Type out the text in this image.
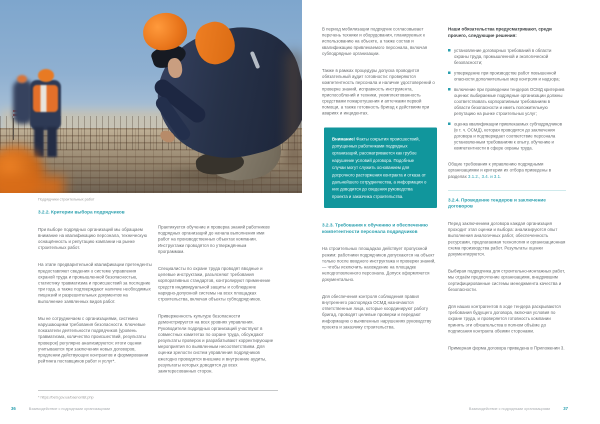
Подрядчики строительных работ
3.2.2. Критерии выбора подрядчиков

При выборе подрядных организаций мы обращаем внимание на квалификацию персонала, техническую оснащённость и репутацию компании на рынке строительных работ.

На этапе предварительной квалификации претенденты предоставляют сведения о системе управления охраной труда и промышленной безопасностью, статистику травматизма и происшествий за последние три года, а также подтверждают наличие необходимых лицензий и разрешительных документов на выполнение заявленных видов работ.

Мы не сотрудничаем с организациями, системно нарушающими требования безопасности. Ключевые показатели деятельности подрядчиков (уровень травматизма, количество происшествий, результаты проверок) регулярно анализируются: итоги оценки учитываются при заключении новых договоров, продлении действующих контрактов и формировании рейтинга поставщиков работ и услуг*.

Практикуется обучение и проверка знаний работников подрядных организаций до начала выполнения ими работ на производственных объектах компании. Инструктажи проводятся по утверждённым программам.

Специалисты по охране труда проводят вводные и целевые инструктажи, разъясняют требования корпоративных стандартов, контролируют применение средств индивидуальной защиты и соблюдение нарядно-допускной системы на всех площадках строительства, включая объекты субподрядчиков.

Приверженность культуре безопасности демонстрируется на всех уровнях управления. Руководители подрядных организаций участвуют в совместных комитетах по охране труда, обсуждают результаты проверок и разрабатывают корректирующие мероприятия по выявленным несоответствиям. Для оценки зрелости систем управления подрядчиков ежегодно проводятся внешние и внутренние аудиты, результаты которых доводятся до всех заинтересованных сторон.

* https://beti.gov.ua/baenorlist.php
36 Взаимодействие с подрядными организациями

В период мобилизации подрядчик согласовывает перечень техники и оборудования, планируемых к использованию на объекте, а также состав и квалификацию привлекаемого персонала, включая субподрядные организации.

Также в рамках процедуры допуска проводится обязательный аудит готовности: проверяются компетентность персонала и наличие удостоверений о проверке знаний, исправность инструмента, приспособлений и техники, укомплектованность средствами пожаротушения и аптечками первой помощи, а также готовность бригад к действиям при авариях и инцидентах.

Внимание! Факты сокрытия происшествий, допущенных работниками подрядных организаций, рассматриваются как грубое нарушение условий договора. Подобные случаи могут служить основанием для досрочного расторжения контракта и отказа от дальнейшего сотрудничества, а информация о них доводится до сведения руководства проекта и заказчика строительства.
3.2.3. Требования к обучению и обеспечению компетентности персонала подрядчиков

На строительных площадках действует пропускной режим: работники подрядчиков допускаются на объект только после вводного инструктажа и проверки знаний, — чтобы исключить нахождение на площадке неподготовленного персонала. Допуск оформляется документально.

Для обеспечения контроля соблюдения правил внутреннего распорядка ОСМД назначаются ответственные лица, которые координируют работу бригад, проводят целевые проверки и передают информацию о выявленных нарушениях руководству проекта и заказчику строительства.

Наши обязательства предусматривают, среди прочего, следующие решения:
установление договорных требований в области охраны труда, промышленной и экологической безопасности;
утверждение при производстве работ повышенной опасности дополнительных мер контроля и надзора;
включение при проведении тендеров ОСМД критериев оценки: выбираемые подрядные организации должны соответствовать корпоративным требованиям в области безопасности и иметь положительную репутацию на рынке строительных услуг;
оценка квалификации привлекаемых субподрядчиков (в т. ч. ОСМД), которая проводится до заключения договора и подтверждает соответствие персонала установленным требованиям к опыту, обучению и компетентности в сфере охраны труда.

Общие требования к управлению подрядными организациями и критерии их отбора приведены в разделах 3.1.2., 3.4. и 3.1.

3.2.4. Проведение тендеров и заключение договоров

Перед заключением договора каждая организация проходит этап оценки и выбора: анализируются опыт выполнения аналогичных работ, обеспеченность ресурсами, предлагаемая технология и организационная схема производства работ. Результаты оценки документируются.

Выбирая подрядчика для строительно-монтажных работ, мы отдаём предпочтение организациям, внедрившим сертифицированные системы менеджмента качества и безопасности.

Для наших контрагентов в ходе тендера раскрываются требования будущего договора, включая условия по охране труда, и проверяется готовность компании принять эти обязательства в полном объёме до подписания контракта обеими сторонами.

Примерная форма договора приведена в Приложении 3.

Взаимодействие с подрядными организациями 37
